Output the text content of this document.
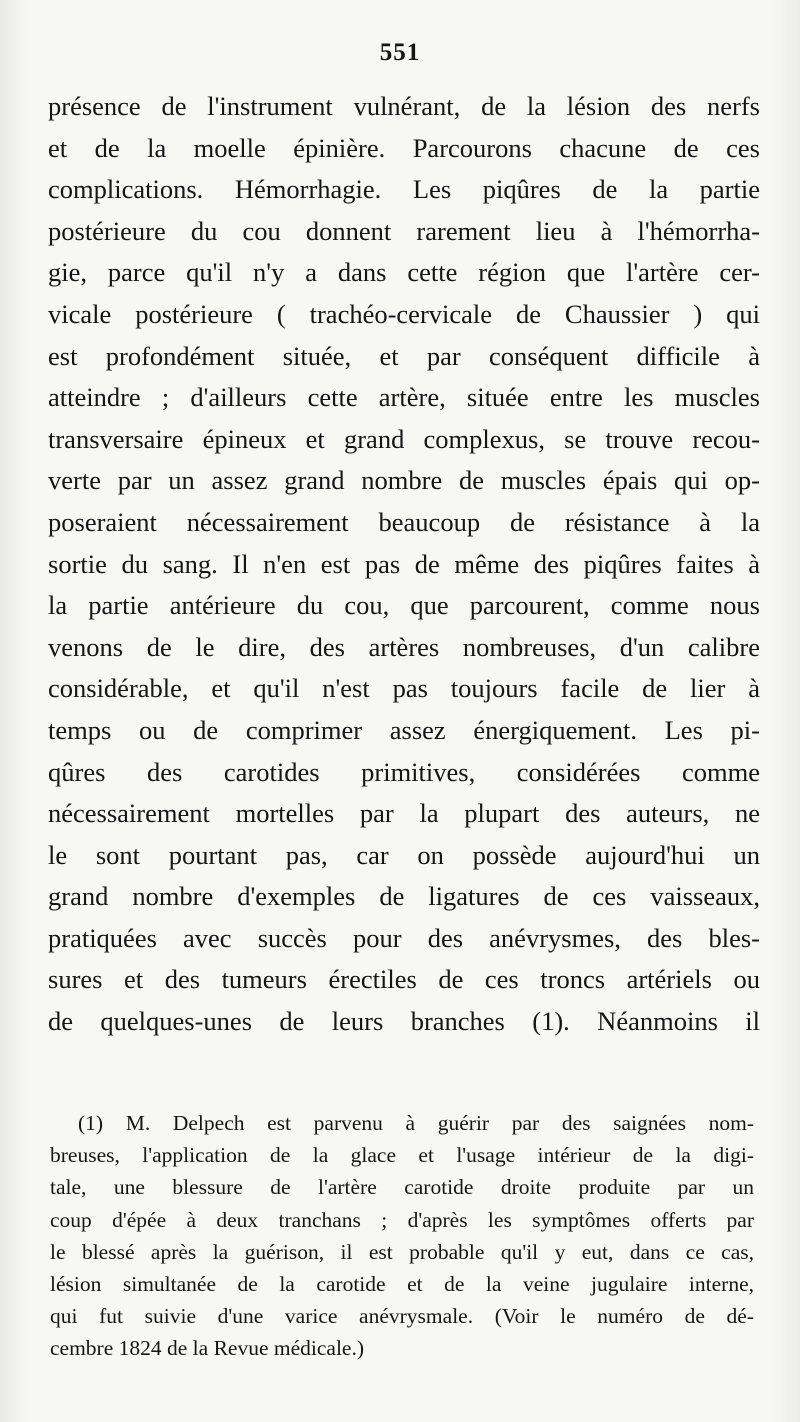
551
présence de l'instrument vulnérant, de la lésion des nerfs
et de la moelle épinière. Parcourons chacune de ces
complications. Hémorrhagie. Les piqûres de la partie
postérieure du cou donnent rarement lieu à l'hémorrha-
gie, parce qu'il n'y a dans cette région que l'artère cer-
vicale postérieure ( trachéo-cervicale de Chaussier ) qui
est profondément située, et par conséquent difficile à
atteindre ; d'ailleurs cette artère, située entre les muscles
transversaire épineux et grand complexus, se trouve recou-
verte par un assez grand nombre de muscles épais qui op-
poseraient nécessairement beaucoup de résistance à la
sortie du sang. Il n'en est pas de même des piqûres faites à
la partie antérieure du cou, que parcourent, comme nous
venons de le dire, des artères nombreuses, d'un calibre
considérable, et qu'il n'est pas toujours facile de lier à
temps ou de comprimer assez énergiquement. Les pi-
qûres des carotides primitives, considérées comme
nécessairement mortelles par la plupart des auteurs, ne
le sont pourtant pas, car on possède aujourd'hui un
grand nombre d'exemples de ligatures de ces vaisseaux,
pratiquées avec succès pour des anévrysmes, des bles-
sures et des tumeurs érectiles de ces troncs artériels ou
de quelques-unes de leurs branches (1). Néanmoins il
(1) M. Delpech est parvenu à guérir par des saignées nom-
breuses, l'application de la glace et l'usage intérieur de la digi-
tale, une blessure de l'artère carotide droite produite par un
coup d'épée à deux tranchans ; d'après les symptômes offerts par
le blessé après la guérison, il est probable qu'il y eut, dans ce cas,
lésion simultanée de la carotide et de la veine jugulaire interne,
qui fut suivie d'une varice anévrysmale. (Voir le numéro de dé-
cembre 1824 de la Revue médicale.)
